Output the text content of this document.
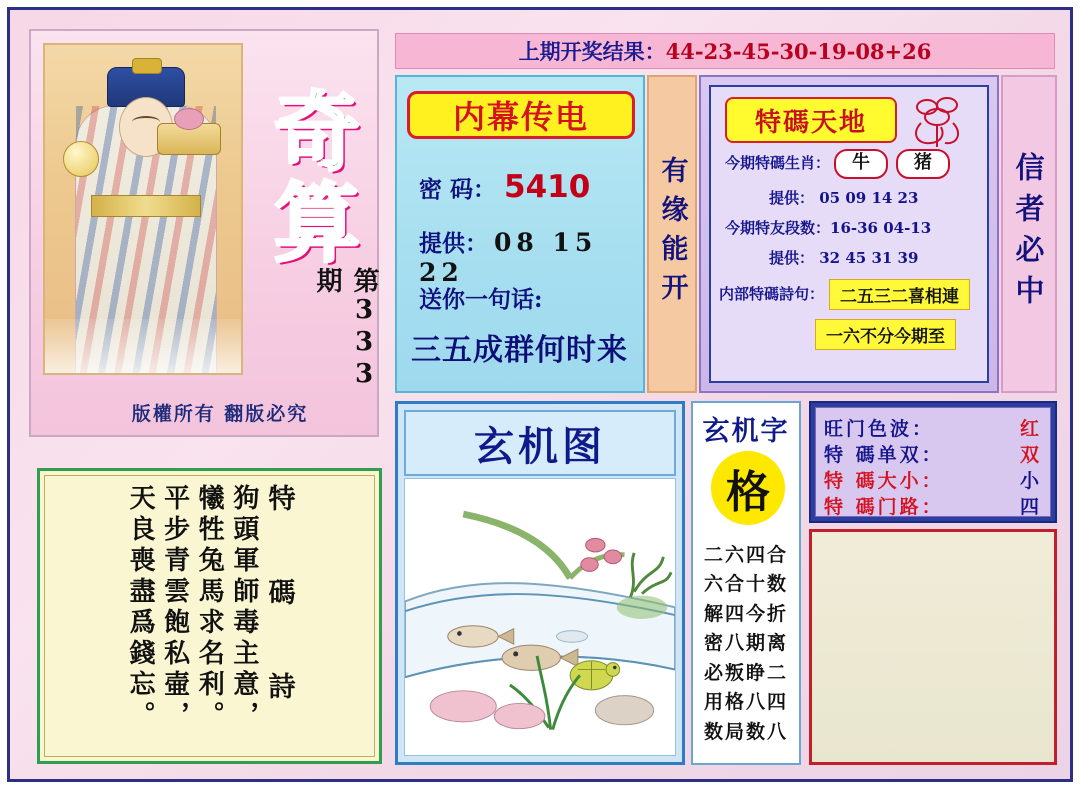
奇算
第333期
版權所有 翻版必究
特 碼 詩
狗頭軍師毒主意，
犧牲兔馬求名利。
平步青雲飽私壷，
天良喪盡爲錢忘。
上期开奖结果：44-23-45-30-19-08+26
内幕传电
密 码： 5410
提供： 08 15 22
送你一句话:
三五成群何时来
有缘能开
特碼天地
今期特碼生肖： 牛 猪
提供： 05 09 14 23
今期特友段数：16-36 04-13
提供： 32 45 31 39
内部特碼詩句： 二五三二喜相連
一六不分今期至
信者必中
玄机图	玄机字
格
二六四合
六合十数
解四今折
密八期离
必叛睁二
用格八四
数局数八
旺门色波：	红
特 碼单双：	双
特 碼大小：	小
特 碼门路：	四
